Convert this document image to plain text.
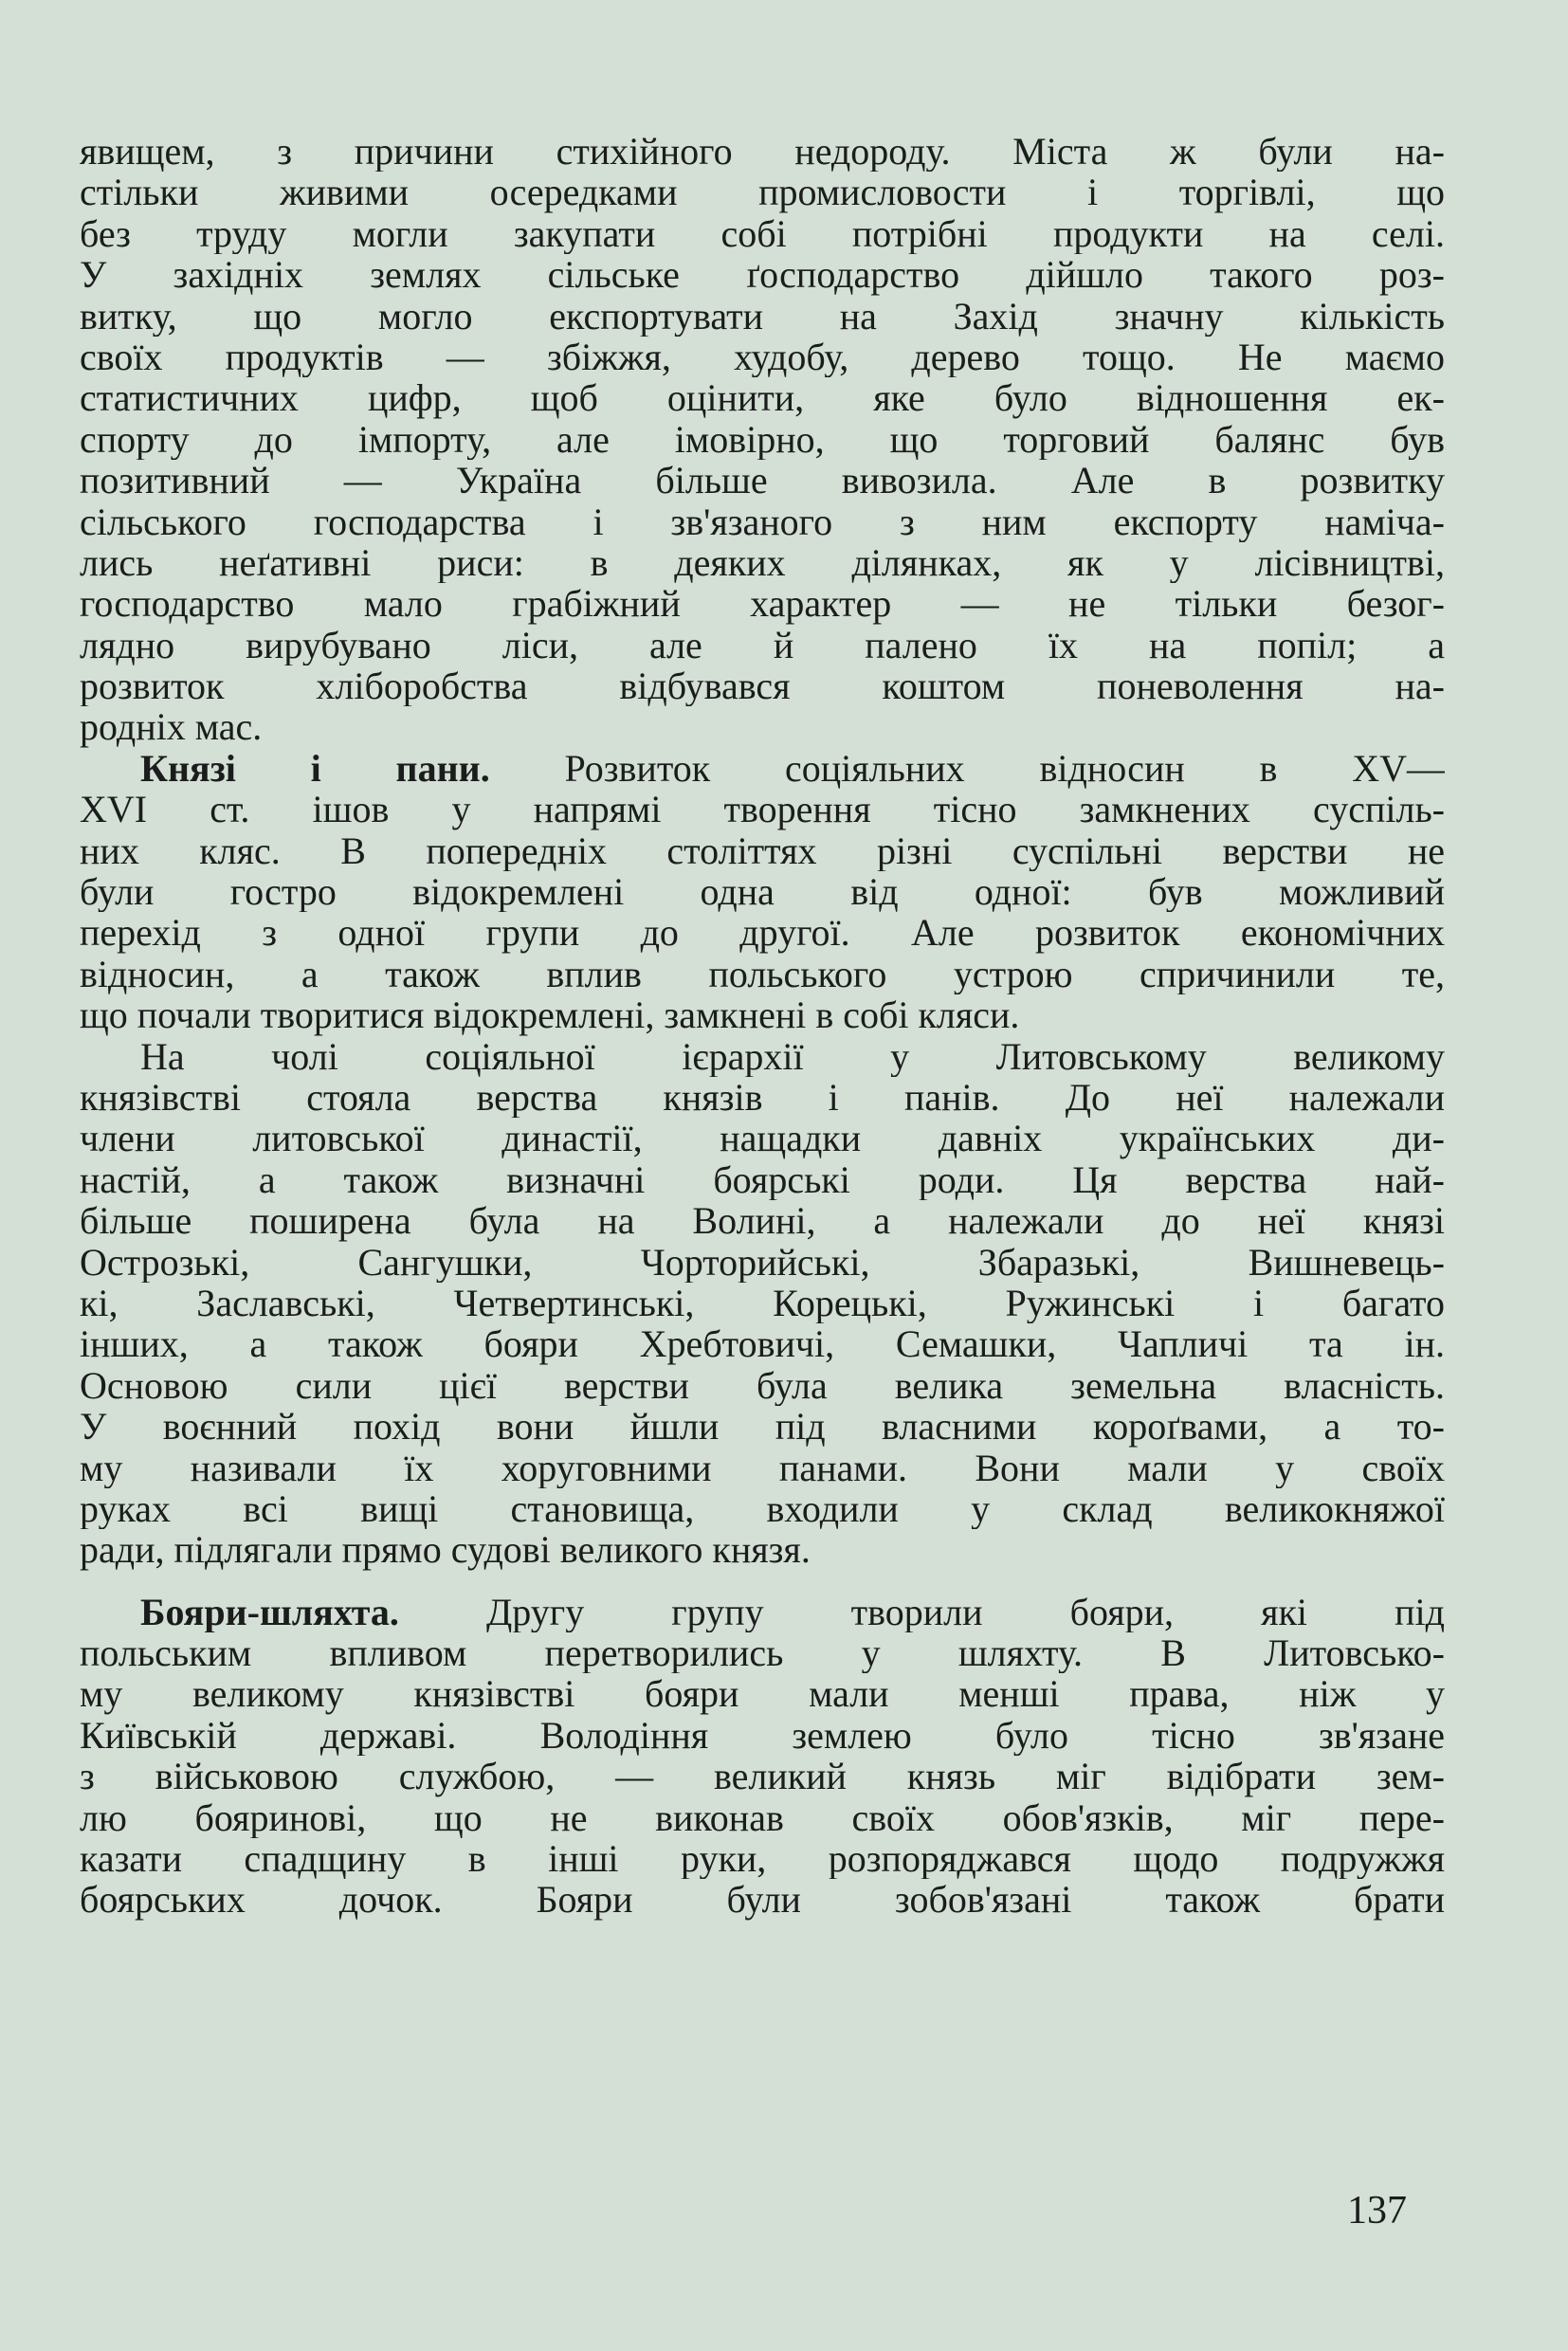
явищем, з причини стихійного недороду. Міста ж були на-
стільки живими осередками промисловости і торгівлі, що
без труду могли закупати собі потрібні продукти на селі.
У західніх землях сільське ґосподарство дійшло такого роз-
витку, що могло експортувати на Захід значну кількість
своїх продуктів — збіжжя, худобу, дерево тощо. Не маємо
статистичних цифр, щоб оцінити, яке було відношення ек-
спорту до імпорту, але імовірно, що торговий балянс був
позитивний — Україна більше вивозила. Але в розвитку
сільського господарства і зв'язаного з ним експорту наміча-
лись неґативні риси: в деяких ділянках, як у лісівництві,
господарство мало грабіжний характер — не тільки безог-
лядно вирубувано ліси, але й палено їх на попіл; а
розвиток хліборобства відбувався коштом поневолення на-
родніх мас.
Князі і пани. Розвиток соціяльних відносин в XV—
XVI ст. ішов у напрямі творення тісно замкнених суспіль-
них кляс. В попередніх століттях різні суспільні верстви не
були гостро відокремлені одна від одної: був можливий
перехід з одної групи до другої. Але розвиток економічних
відносин, а також вплив польського устрою спричинили те,
що почали творитися відокремлені, замкнені в собі кляси.
На чолі соціяльної ієрархії у Литовському великому
князівстві стояла верства князів і панів. До неї належали
члени литовської династії, нащадки давніх українських ди-
настій, а також визначні боярські роди. Ця верства най-
більше поширена була на Волині, а належали до неї князі
Острозькі, Сангушки, Чорторийські, Збаразькі, Вишневець-
кі, Заславські, Четвертинські, Корецькі, Ружинські і багато
інших, а також бояри Хребтовичі, Семашки, Чапличі та ін.
Основою сили цієї верстви була велика земельна власність.
У воєнний похід вони йшли під власними короґвами, а то-
му називали їх хоруговними панами. Вони мали у своїх
руках всі вищі становища, входили у склад великокняжої
ради, підлягали прямо судові великого князя.
Бояри-шляхта. Другу групу творили бояри, які під
польським впливом перетворились у шляхту. В Литовсько-
му великому князівстві бояри мали менші права, ніж у
Київській державі. Володіння землею було тісно зв'язане
з військовою службою, — великий князь міг відібрати зем-
лю бояринові, що не виконав своїх обов'язків, міг пере-
казати спадщину в інші руки, розпоряджався щодо подружжя
боярських дочок. Бояри були зобов'язані також брати
137
